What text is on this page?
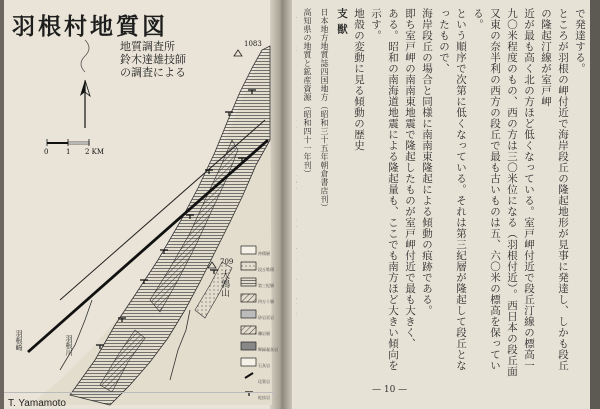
羽根村地質図
地質調査所
鈴木達雄技師
の調査による
0	1 2 KM
1083
709
大鶉山
羽根川
羽根崎
沖積層
段丘堆積
第三紀層
四万十層
砂岩頁岩
礫岩層
輝緑凝灰岩
石灰岩
珪質岩
蛇紋岩
T. Yamamoto

で発達する。

ところが羽根の岬付近で海岸段丘の隆起地形が見事に発達し、しかも段丘の隆起汀線が室戸岬

近が最も高く北の方ほど低くなっている。室戸岬付近で段丘汀線の標高一

九〇米程度のもの、西の方は三〇米位になる（羽根付近）。西日本の段丘面

又東の奈半利の西方の段丘で最も古いものは五、六〇米の標高を保っている。

という順序で次第に低くなっている。それは第三紀層が隆起して段丘となったもので、

海岸段丘の場合と同様に南南東隆起による傾動の痕跡である。

即ち室戸岬の南南東地震で隆起したものが室戸岬付近で最も大きく、

ある。昭和の南海道地震による隆起量も、ここでも南方ほど大きい傾向を示す。

地殻の変動に見る傾動の歴史

支 獣

日本地方地質誌四国地方（昭和三十五年朝倉書店刊）

高知県の地質と鉱産資源（昭和四十一年刊）

— 10 —
